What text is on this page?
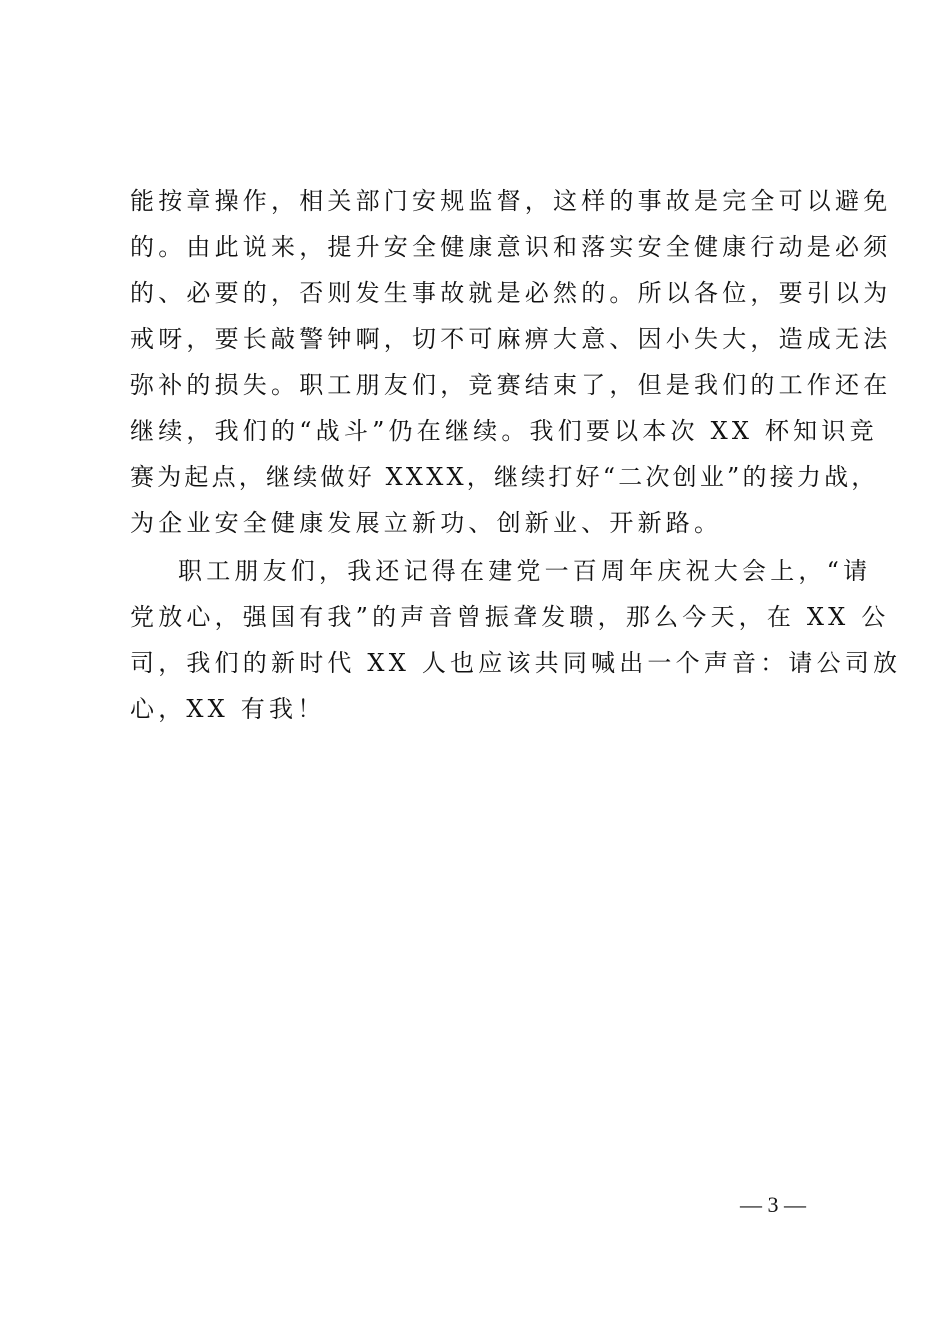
能按章操作，相关部门安规监督，这样的事故是完全可以避免
的。由此说来，提升安全健康意识和落实安全健康行动是必须
的、必要的，否则发生事故就是必然的。所以各位，要引以为
戒呀，要长敲警钟啊，切不可麻痹大意、因小失大，造成无法
弥补的损失。职工朋友们，竞赛结束了，但是我们的工作还在
继续，我们的“战斗”仍在继续。我们要以本次 XX 杯知识竞
赛为起点，继续做好 XXXX，继续打好“二次创业”的接力战，
为企业安全健康发展立新功、创新业、开新路。
职工朋友们，我还记得在建党一百周年庆祝大会上，“请
党放心，强国有我”的声音曾振聋发聩，那么今天，在 XX 公
司，我们的新时代 XX 人也应该共同喊出一个声音：请公司放
心，XX 有我！
— 3 —
